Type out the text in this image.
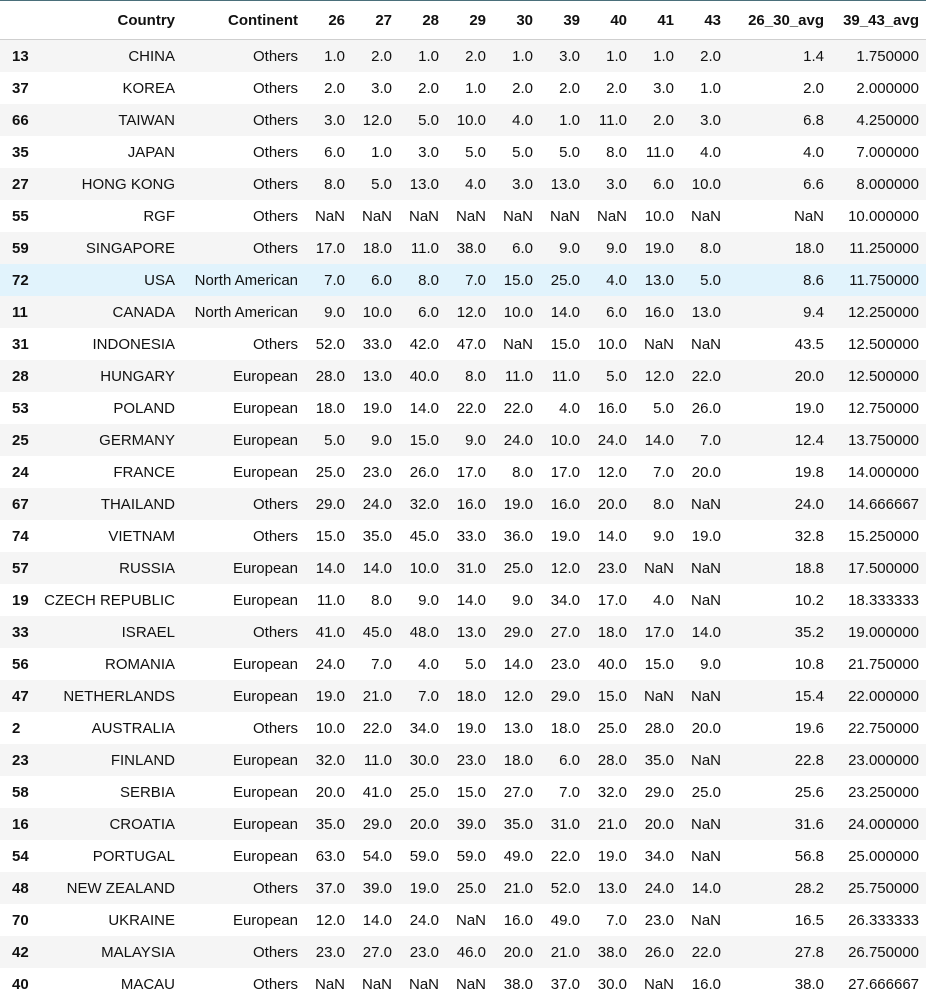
	Country	Continent	26	27	28	29	30	39	40	41	43	26_30_avg	39_43_avg
13	CHINA	Others	1.0	2.0	1.0	2.0	1.0	3.0	1.0	1.0	2.0	1.4	1.750000
37	KOREA	Others	2.0	3.0	2.0	1.0	2.0	2.0	2.0	3.0	1.0	2.0	2.000000
66	TAIWAN	Others	3.0	12.0	5.0	10.0	4.0	1.0	11.0	2.0	3.0	6.8	4.250000
35	JAPAN	Others	6.0	1.0	3.0	5.0	5.0	5.0	8.0	11.0	4.0	4.0	7.000000
27	HONG KONG	Others	8.0	5.0	13.0	4.0	3.0	13.0	3.0	6.0	10.0	6.6	8.000000
55	RGF	Others	NaN	NaN	NaN	NaN	NaN	NaN	NaN	10.0	NaN	NaN	10.000000
59	SINGAPORE	Others	17.0	18.0	11.0	38.0	6.0	9.0	9.0	19.0	8.0	18.0	11.250000
72	USA	North American	7.0	6.0	8.0	7.0	15.0	25.0	4.0	13.0	5.0	8.6	11.750000
11	CANADA	North American	9.0	10.0	6.0	12.0	10.0	14.0	6.0	16.0	13.0	9.4	12.250000
31	INDONESIA	Others	52.0	33.0	42.0	47.0	NaN	15.0	10.0	NaN	NaN	43.5	12.500000
28	HUNGARY	European	28.0	13.0	40.0	8.0	11.0	11.0	5.0	12.0	22.0	20.0	12.500000
53	POLAND	European	18.0	19.0	14.0	22.0	22.0	4.0	16.0	5.0	26.0	19.0	12.750000
25	GERMANY	European	5.0	9.0	15.0	9.0	24.0	10.0	24.0	14.0	7.0	12.4	13.750000
24	FRANCE	European	25.0	23.0	26.0	17.0	8.0	17.0	12.0	7.0	20.0	19.8	14.000000
67	THAILAND	Others	29.0	24.0	32.0	16.0	19.0	16.0	20.0	8.0	NaN	24.0	14.666667
74	VIETNAM	Others	15.0	35.0	45.0	33.0	36.0	19.0	14.0	9.0	19.0	32.8	15.250000
57	RUSSIA	European	14.0	14.0	10.0	31.0	25.0	12.0	23.0	NaN	NaN	18.8	17.500000
19	CZECH REPUBLIC	European	11.0	8.0	9.0	14.0	9.0	34.0	17.0	4.0	NaN	10.2	18.333333
33	ISRAEL	Others	41.0	45.0	48.0	13.0	29.0	27.0	18.0	17.0	14.0	35.2	19.000000
56	ROMANIA	European	24.0	7.0	4.0	5.0	14.0	23.0	40.0	15.0	9.0	10.8	21.750000
47	NETHERLANDS	European	19.0	21.0	7.0	18.0	12.0	29.0	15.0	NaN	NaN	15.4	22.000000
2	AUSTRALIA	Others	10.0	22.0	34.0	19.0	13.0	18.0	25.0	28.0	20.0	19.6	22.750000
23	FINLAND	European	32.0	11.0	30.0	23.0	18.0	6.0	28.0	35.0	NaN	22.8	23.000000
58	SERBIA	European	20.0	41.0	25.0	15.0	27.0	7.0	32.0	29.0	25.0	25.6	23.250000
16	CROATIA	European	35.0	29.0	20.0	39.0	35.0	31.0	21.0	20.0	NaN	31.6	24.000000
54	PORTUGAL	European	63.0	54.0	59.0	59.0	49.0	22.0	19.0	34.0	NaN	56.8	25.000000
48	NEW ZEALAND	Others	37.0	39.0	19.0	25.0	21.0	52.0	13.0	24.0	14.0	28.2	25.750000
70	UKRAINE	European	12.0	14.0	24.0	NaN	16.0	49.0	7.0	23.0	NaN	16.5	26.333333
42	MALAYSIA	Others	23.0	27.0	23.0	46.0	20.0	21.0	38.0	26.0	22.0	27.8	26.750000
40	MACAU	Others	NaN	NaN	NaN	NaN	38.0	37.0	30.0	NaN	16.0	38.0	27.666667
